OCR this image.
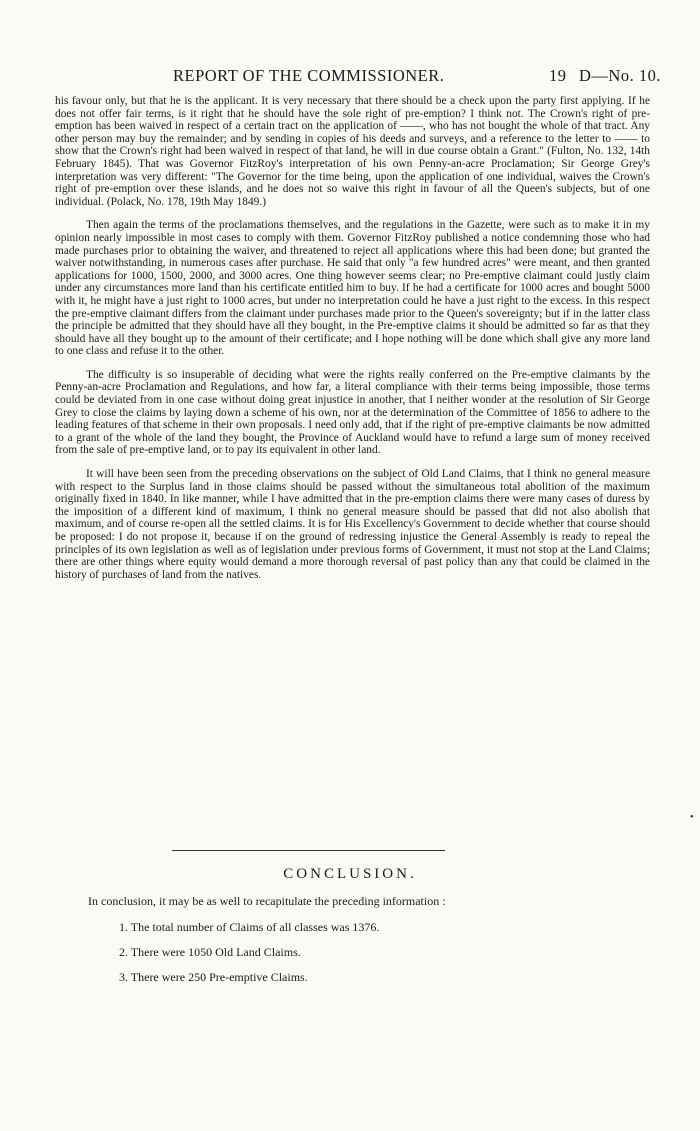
REPORT OF THE COMMISSIONER.	19 D—No. 10.

his favour only, but that he is the applicant. It is very necessary that there should be a check upon the party first applying. If he does not offer fair terms, is it right that he should have the sole right of pre-emption? I think not. The Crown's right of pre-emption has been waived in respect of a certain tract on the application of ——, who has not bought the whole of that tract. Any other person may buy the remainder; and by sending in copies of his deeds and surveys, and a reference to the letter to —— to show that the Crown's right had been waived in respect of that land, he will in due course obtain a Grant." (Fulton, No. 132, 14th February 1845). That was Governor FitzRoy's interpretation of his own Penny-an-acre Proclamation; Sir George Grey's interpretation was very different: "The Governor for the time being, upon the application of one individual, waives the Crown's right of pre-emption over these islands, and he does not so waive this right in favour of all the Queen's subjects, but of one individual. (Polack, No. 178, 19th May 1849.)

Then again the terms of the proclamations themselves, and the regulations in the Gazette, were such as to make it in my opinion nearly impossible in most cases to comply with them. Governor FitzRoy published a notice condemning those who had made purchases prior to obtaining the waiver, and threatened to reject all applications where this had been done; but granted the waiver notwithstanding, in numerous cases after purchase. He said that only "a few hundred acres" were meant, and then granted applications for 1000, 1500, 2000, and 3000 acres. One thing however seems clear; no Pre-emptive claimant could justly claim under any circumstances more land than his certificate entitled him to buy. If he had a certificate for 1000 acres and bought 5000 with it, he might have a just right to 1000 acres, but under no interpretation could he have a just right to the excess. In this respect the pre-emptive claimant differs from the claimant under purchases made prior to the Queen's sovereignty; but if in the latter class the principle be admitted that they should have all they bought, in the Pre-emptive claims it should be admitted so far as that they should have all they bought up to the amount of their certificate; and I hope nothing will be done which shall give any more land to one class and refuse it to the other.

The difficulty is so insuperable of deciding what were the rights really conferred on the Pre-emptive claimants by the Penny-an-acre Proclamation and Regulations, and how far, a literal compliance with their terms being impossible, those terms could be deviated from in one case without doing great injustice in another, that I neither wonder at the resolution of Sir George Grey to close the claims by laying down a scheme of his own, nor at the determination of the Committee of 1856 to adhere to the leading features of that scheme in their own proposals. I need only add, that if the right of pre-emptive claimants be now admitted to a grant of the whole of the land they bought, the Province of Auckland would have to refund a large sum of money received from the sale of pre-emptive land, or to pay its equivalent in other land.

It will have been seen from the preceding observations on the subject of Old Land Claims, that I think no general measure with respect to the Surplus land in those claims should be passed without the simultaneous total abolition of the maximum originally fixed in 1840. In like manner, while I have admitted that in the pre-emption claims there were many cases of duress by the imposition of a different kind of maximum, I think no general measure should be passed that did not also abolish that maximum, and of course re-open all the settled claims. It is for His Excellency's Government to decide whether that course should be proposed: I do not propose it, because if on the ground of redressing injustice the General Assembly is ready to repeal the principles of its own legislation as well as of legislation under previous forms of Government, it must not stop at the Land Claims; there are other things where equity would demand a more thorough reversal of past policy than any that could be claimed in the history of purchases of land from the natives.

•
CONCLUSION.
In conclusion, it may be as well to recapitulate the preceding information :
1. The total number of Claims of all classes was 1376.
2. There were 1050 Old Land Claims.
3. There were 250 Pre-emptive Claims.
